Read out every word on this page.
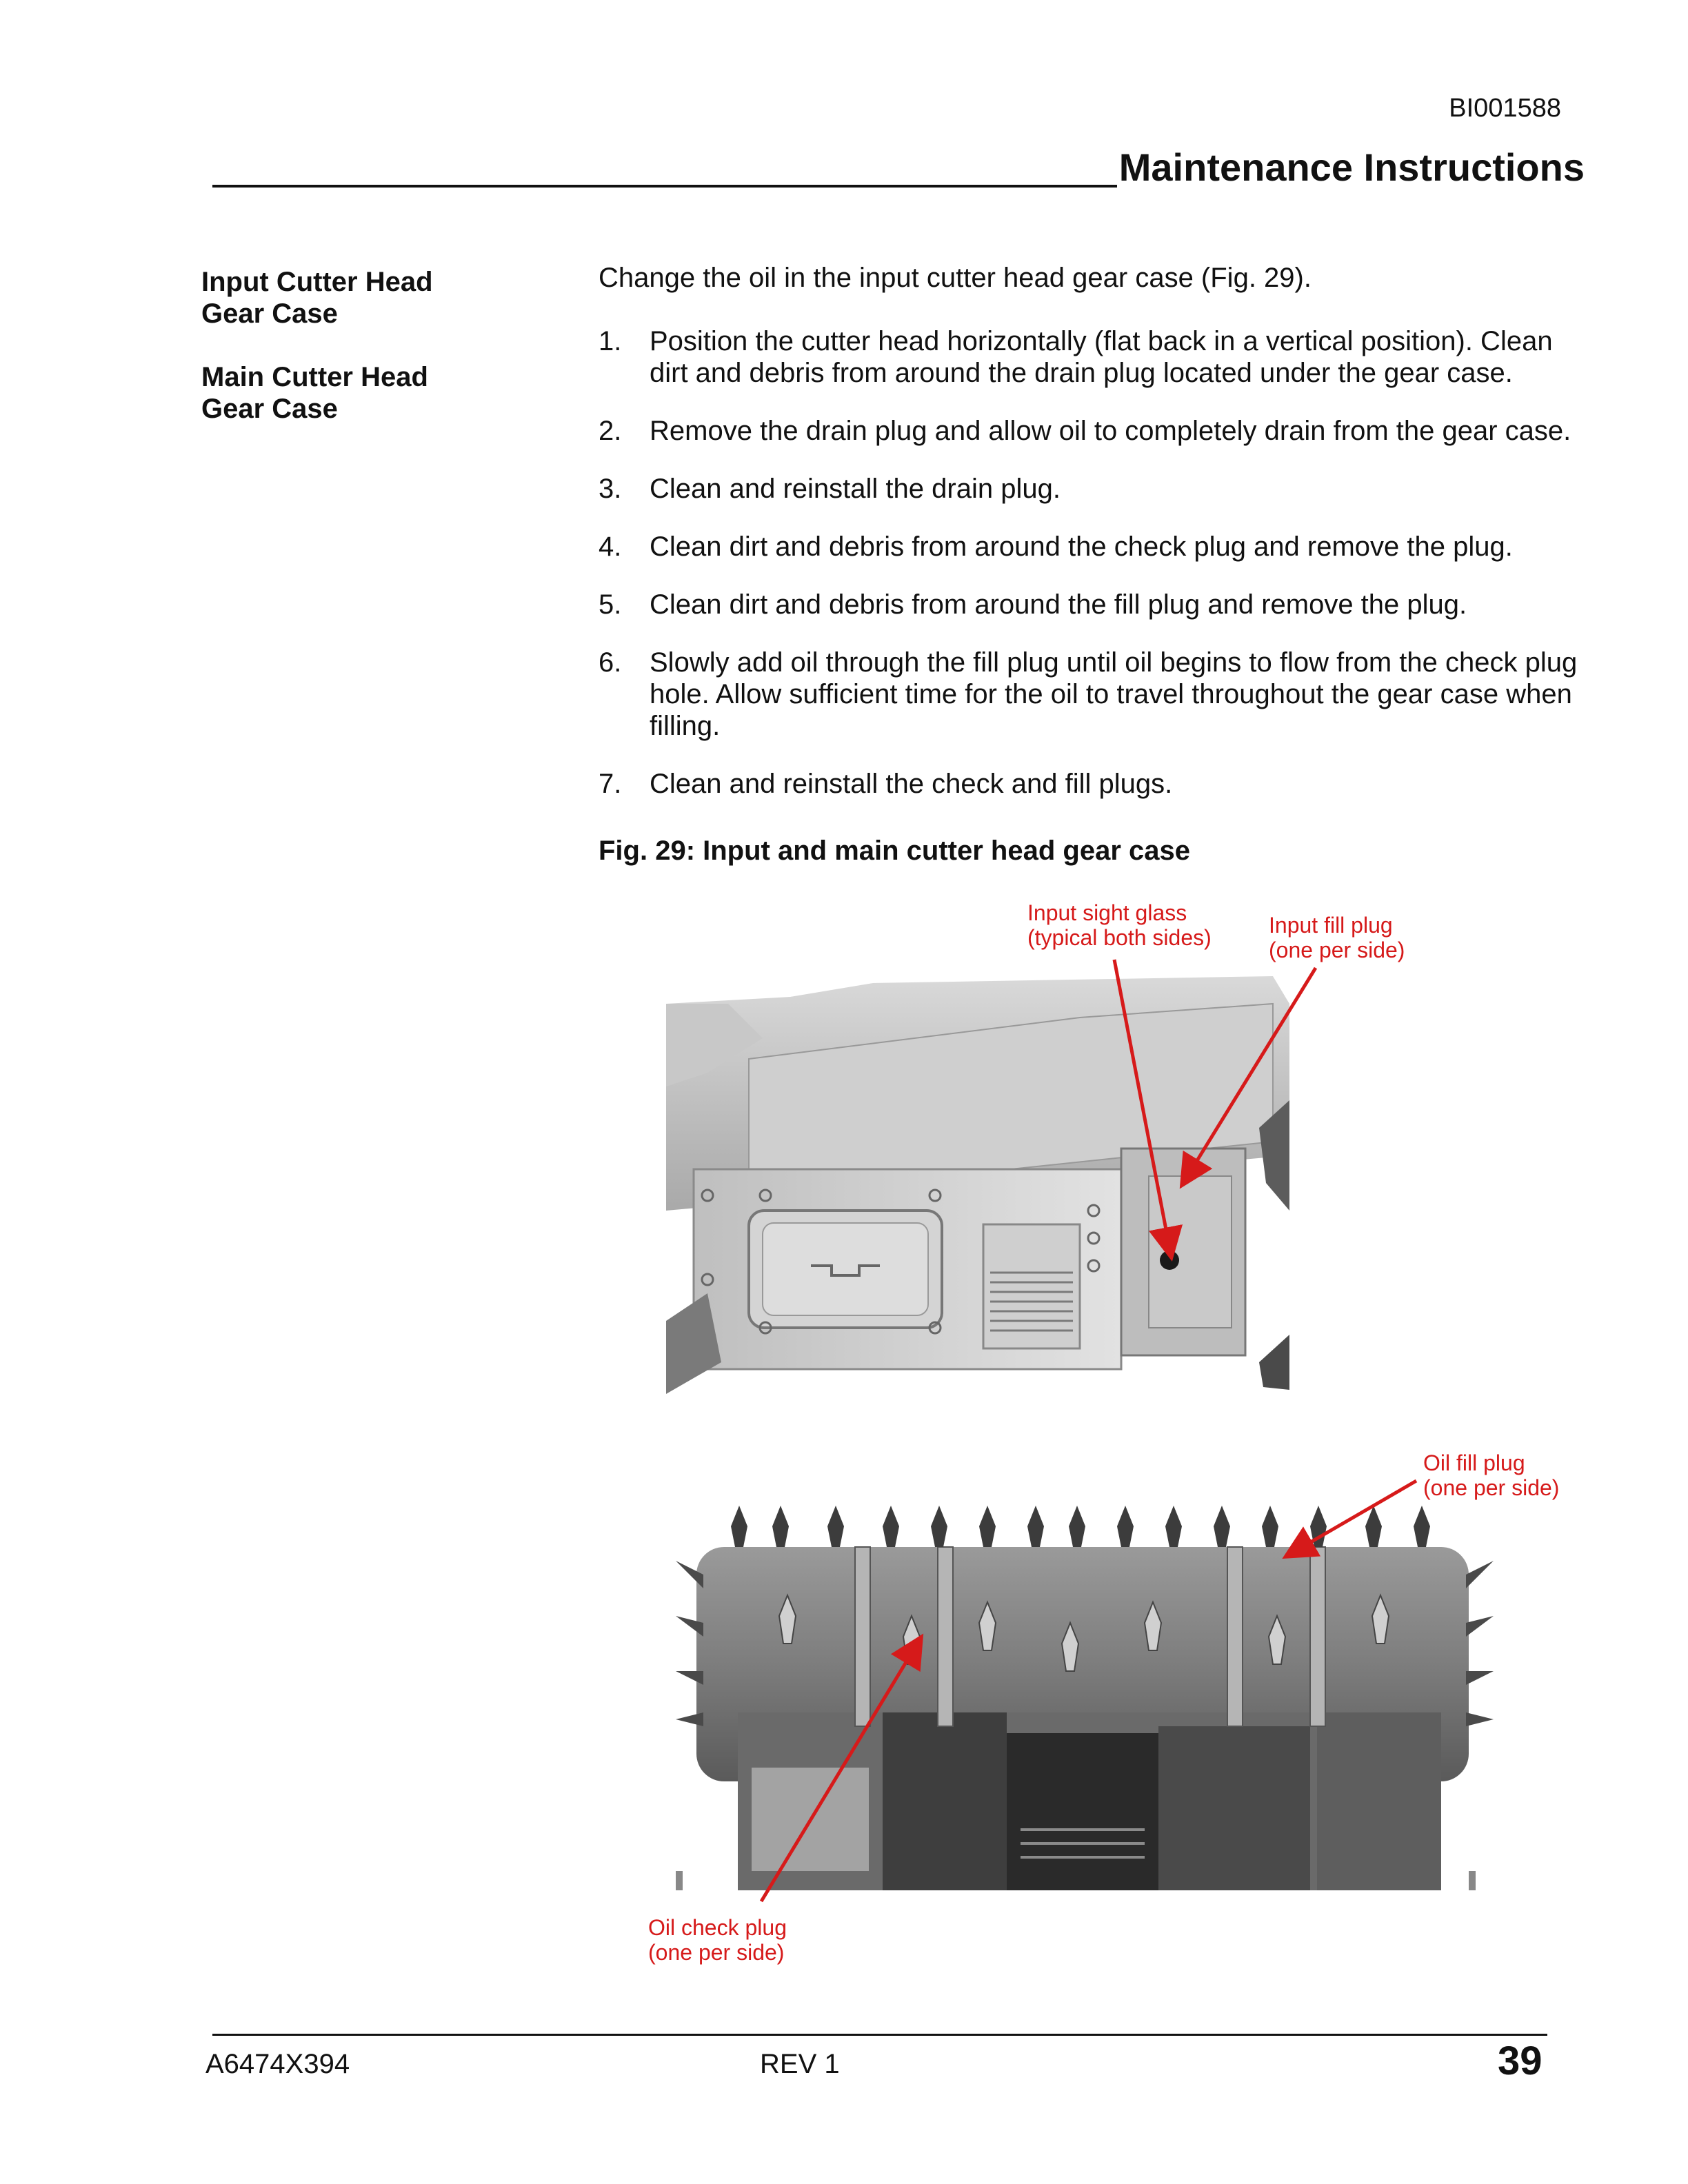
BI001588
Maintenance Instructions
Input Cutter Head
Gear Case
Main Cutter Head
Gear Case
Change the oil in the input cutter head gear case (Fig. 29).
1. Position the cutter head horizontally (flat back in a vertical position). Clean dirt and debris from around the drain plug located under the gear case.
2. Remove the drain plug and allow oil to completely drain from the gear case.
3. Clean and reinstall the drain plug.
4. Clean dirt and debris from around the check plug and remove the plug.
5. Clean dirt and debris from around the fill plug and remove the plug.
6. Slowly add oil through the fill plug until oil begins to flow from the check plug hole. Allow sufficient time for the oil to travel throughout the gear case when filling.
7. Clean and reinstall the check and fill plugs.
Fig. 29: Input and main cutter head gear case
Input sight glass
(typical both sides)	Input fill plug
(one per side)
Oil fill plug
(one per side)
Oil check plug
(one per side)
A6474X394	REV 1	39
